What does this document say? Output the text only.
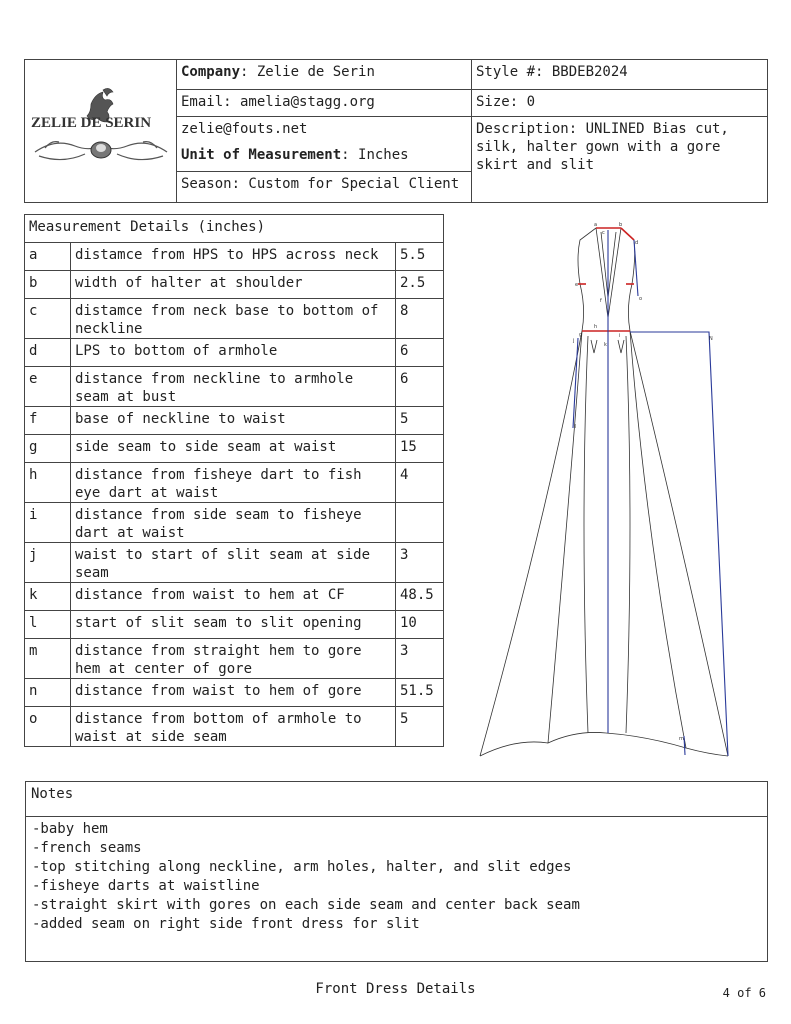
ZELIE DE SERIN
Company: Zelie de Serin
Email: amelia@stagg.org
zelie@fouts.net
Unit of Measurement: Inches
Season: Custom for Special Client
Style #: BBDEB2024
Size: 0
Description: UNLINED Bias cut, silk, halter gown with a gore skirt and slit
Measurement Details (inches)		
a	distamce from HPS to HPS across neck	5.5
b	width of halter at shoulder	2.5
c	distamce from neck base to bottom of neckline	8
d	LPS to bottom of armhole	6
e	distance from neckline to armhole seam at bust	6
f	base of neckline to waist	5
g	side seam to side seam at waist	15
h	distance from fisheye dart to fish eye dart at waist	4
i	distance from side seam to fisheye dart at waist	
j	waist to start of slit seam at side seam	3
k	distance from waist to hem at CF	48.5
l	start of slit seam to slit opening	10
m	distance from straight hem to gore hem at center of gore	3
n	distance from waist to hem of gore	51.5
o	distance from bottom of armhole to waist at side seam	5
a	b
c
d
e
f	o
g
h
i
j
k
l
m
N
Notes
-baby hem
-french seams
-top stitching along neckline, arm holes, halter, and slit edges
-fisheye darts at waistline
-straight skirt with gores on each side seam and center back seam
-added seam on right side front dress for slit
Front Dress Details	4 of 6
